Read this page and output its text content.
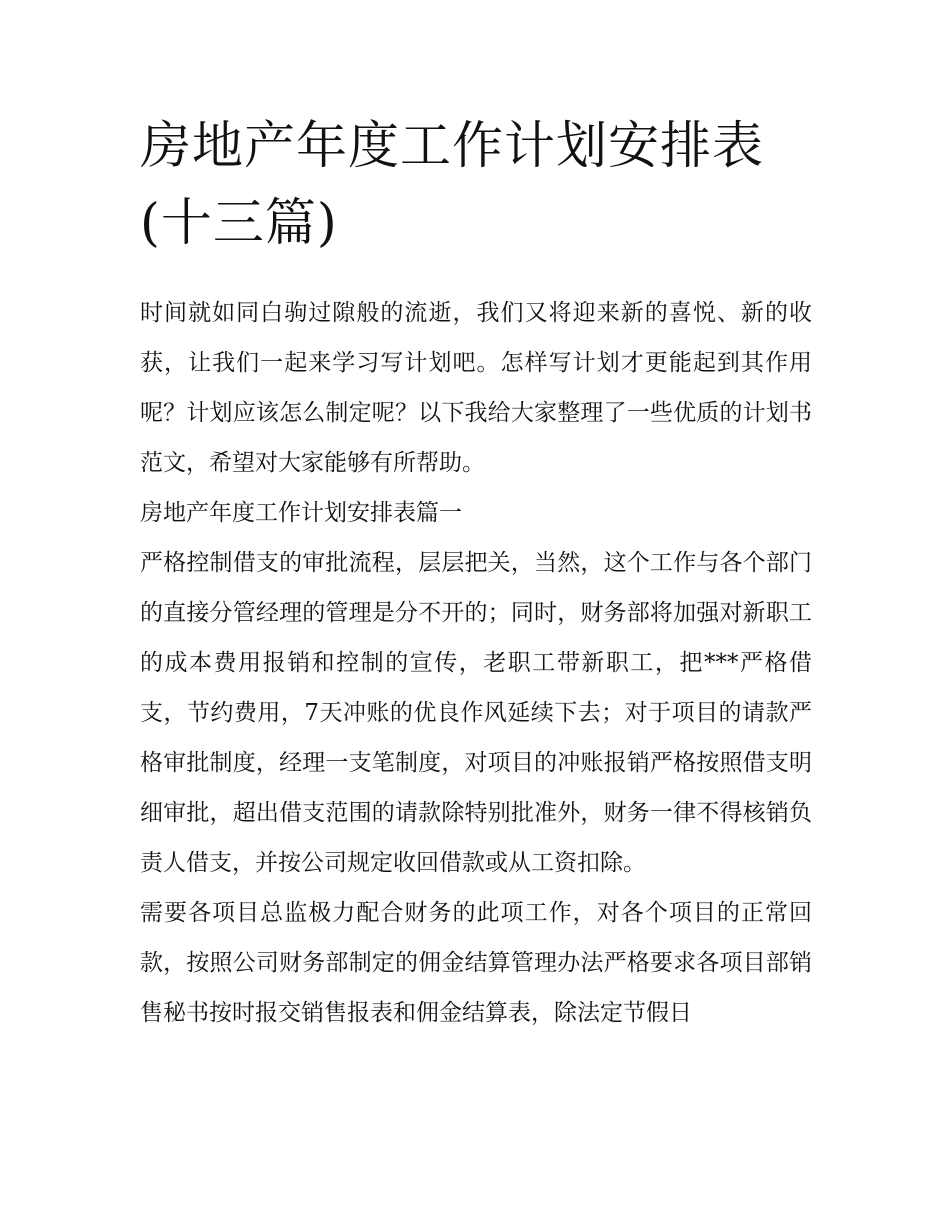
房地产年度工作计划安排表(十三篇)

时间就如同白驹过隙般的流逝，我们又将迎来新的喜悦、新的收获，让我们一起来学习写计划吧。怎样写计划才更能起到其作用呢？计划应该怎么制定呢？以下我给大家整理了一些优质的计划书范文，希望对大家能够有所帮助。

房地产年度工作计划安排表篇一

严格控制借支的审批流程，层层把关，当然，这个工作与各个部门的直接分管经理的管理是分不开的；同时，财务部将加强对新职工的成本费用报销和控制的宣传，老职工带新职工，把***严格借支，节约费用，7天冲账的优良作风延续下去；对于项目的请款严格审批制度，经理一支笔制度，对项目的冲账报销严格按照借支明细审批，超出借支范围的请款除特别批准外，财务一律不得核销负责人借支，并按公司规定收回借款或从工资扣除。

需要各项目总监极力配合财务的此项工作，对各个项目的正常回款，按照公司财务部制定的佣金结算管理办法严格要求各项目部销售秘书按时报交销售报表和佣金结算表，除法定节假日
